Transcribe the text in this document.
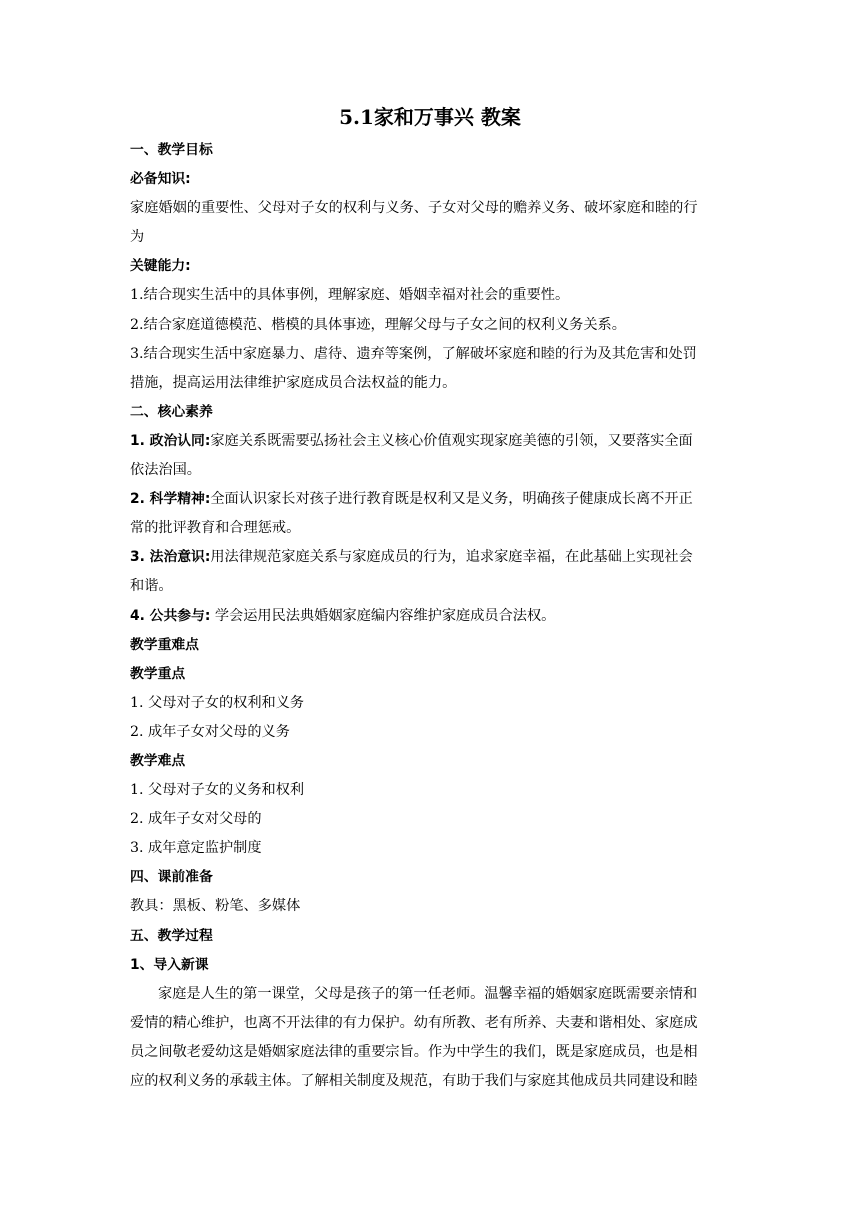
5.1家和万事兴 教案
一、教学目标
必备知识:
家庭婚姻的重要性、父母对子女的权利与义务、子女对父母的赡养义务、破坏家庭和睦的行
为
关键能力:
1.结合现实生活中的具体事例，理解家庭、婚姻幸福对社会的重要性。
2.结合家庭道德模范、楷模的具体事迹，理解父母与子女之间的权利义务关系。
3.结合现实生活中家庭暴力、虐待、遗弃等案例，了解破坏家庭和睦的行为及其危害和处罚
措施，提高运用法律维护家庭成员合法权益的能力。
二、核心素养
1. 政治认同:家庭关系既需要弘扬社会主义核心价值观实现家庭美德的引领，又要落实全面
依法治国。
2. 科学精神:全面认识家长对孩子进行教育既是权利又是义务，明确孩子健康成长离不开正
常的批评教育和合理惩戒。
3. 法治意识:用法律规范家庭关系与家庭成员的行为，追求家庭幸福，在此基础上实现社会
和谐。
4. 公共参与: 学会运用民法典婚姻家庭编内容维护家庭成员合法权。
教学重难点
教学重点
1. 父母对子女的权利和义务
2. 成年子女对父母的义务
教学难点
1. 父母对子女的义务和权利
2. 成年子女对父母的
3. 成年意定监护制度
四、课前准备
教具：黑板、粉笔、多媒体
五、教学过程
1、导入新课
家庭是人生的第一课堂，父母是孩子的第一任老师。温馨幸福的婚姻家庭既需要亲情和
爱情的精心维护，也离不开法律的有力保护。幼有所教、老有所养、夫妻和谐相处、家庭成
员之间敬老爱幼这是婚姻家庭法律的重要宗旨。作为中学生的我们，既是家庭成员，也是相
应的权利义务的承载主体。了解相关制度及规范，有助于我们与家庭其他成员共同建设和睦
